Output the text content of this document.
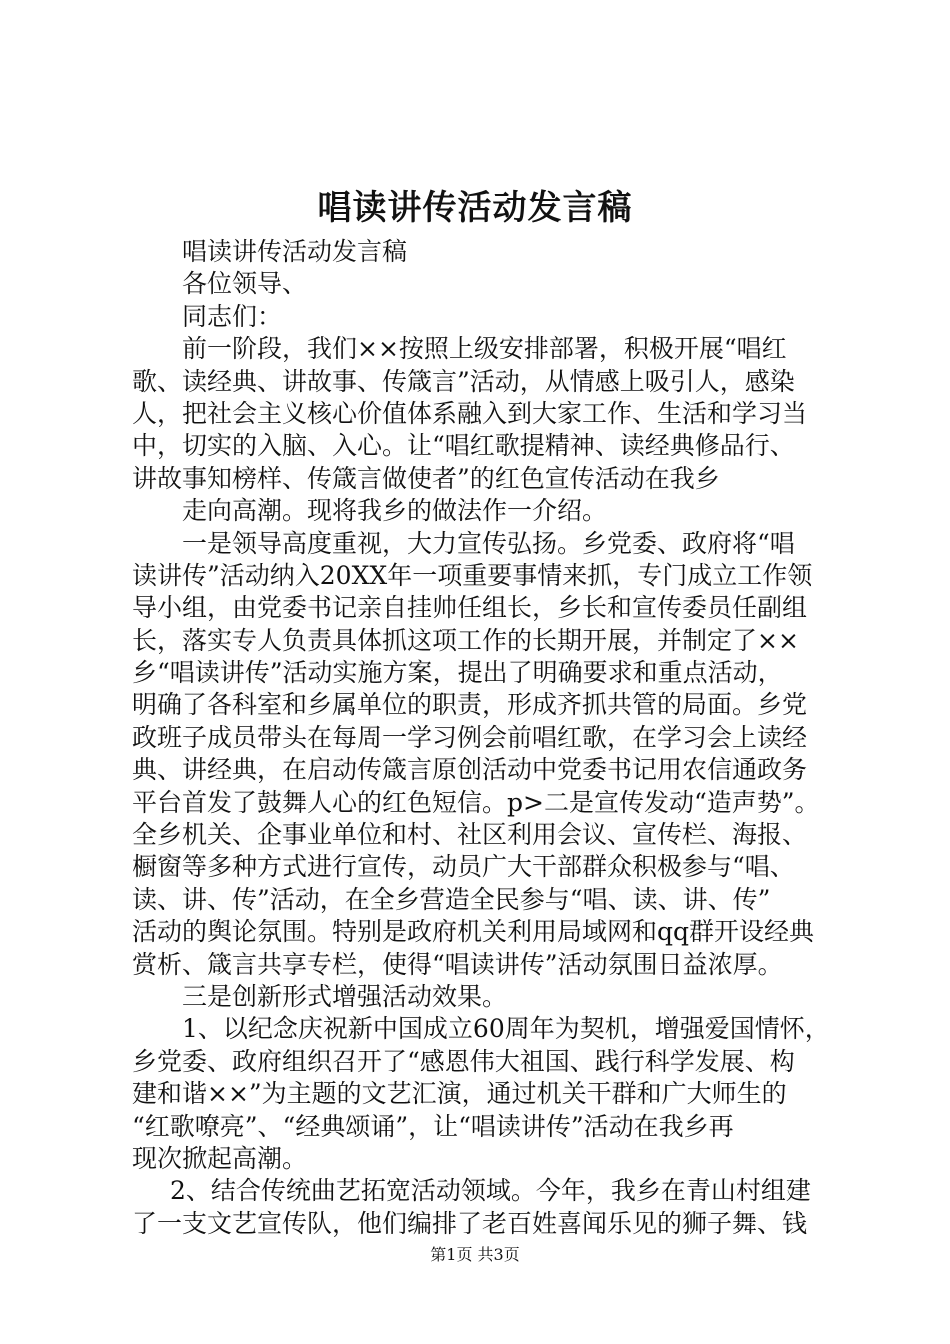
唱读讲传活动发言稿
唱读讲传活动发言稿
各位领导、
同志们：
前一阶段，我们××按照上级安排部署，积极开展“唱红
歌、读经典、讲故事、传箴言”活动，从情感上吸引人，感染
人，把社会主义核心价值体系融入到大家工作、生活和学习当
中，切实的入脑、入心。让“唱红歌提精神、读经典修品行、
讲故事知榜样、传箴言做使者”的红色宣传活动在我乡
走向高潮。现将我乡的做法作一介绍。
一是领导高度重视，大力宣传弘扬。乡党委、政府将“唱
读讲传”活动纳入20XX年一项重要事情来抓，专门成立工作领
导小组，由党委书记亲自挂帅任组长，乡长和宣传委员任副组
长，落实专人负责具体抓这项工作的长期开展，并制定了××
乡“唱读讲传”活动实施方案，提出了明确要求和重点活动，
明确了各科室和乡属单位的职责，形成齐抓共管的局面。乡党
政班子成员带头在每周一学习例会前唱红歌，在学习会上读经
典、讲经典，在启动传箴言原创活动中党委书记用农信通政务
平台首发了鼓舞人心的红色短信。p>二是宣传发动“造声势”。
全乡机关、企事业单位和村、社区利用会议、宣传栏、海报、
橱窗等多种方式进行宣传，动员广大干部群众积极参与“唱、
读、讲、传”活动，在全乡营造全民参与“唱、读、讲、传”
活动的舆论氛围。特别是政府机关利用局域网和qq群开设经典
赏析、箴言共享专栏，使得“唱读讲传”活动氛围日益浓厚。
三是创新形式增强活动效果。
1、以纪念庆祝新中国成立60周年为契机，增强爱国情怀，
乡党委、政府组织召开了“感恩伟大祖国、践行科学发展、构
建和谐××”为主题的文艺汇演，通过机关干群和广大师生的
“红歌嘹亮”、“经典颂诵”，让“唱读讲传”活动在我乡再
现次掀起高潮。
2、结合传统曲艺拓宽活动领域。今年，我乡在青山村组建
了一支文艺宣传队，他们编排了老百姓喜闻乐见的狮子舞、钱
第1页 共3页
